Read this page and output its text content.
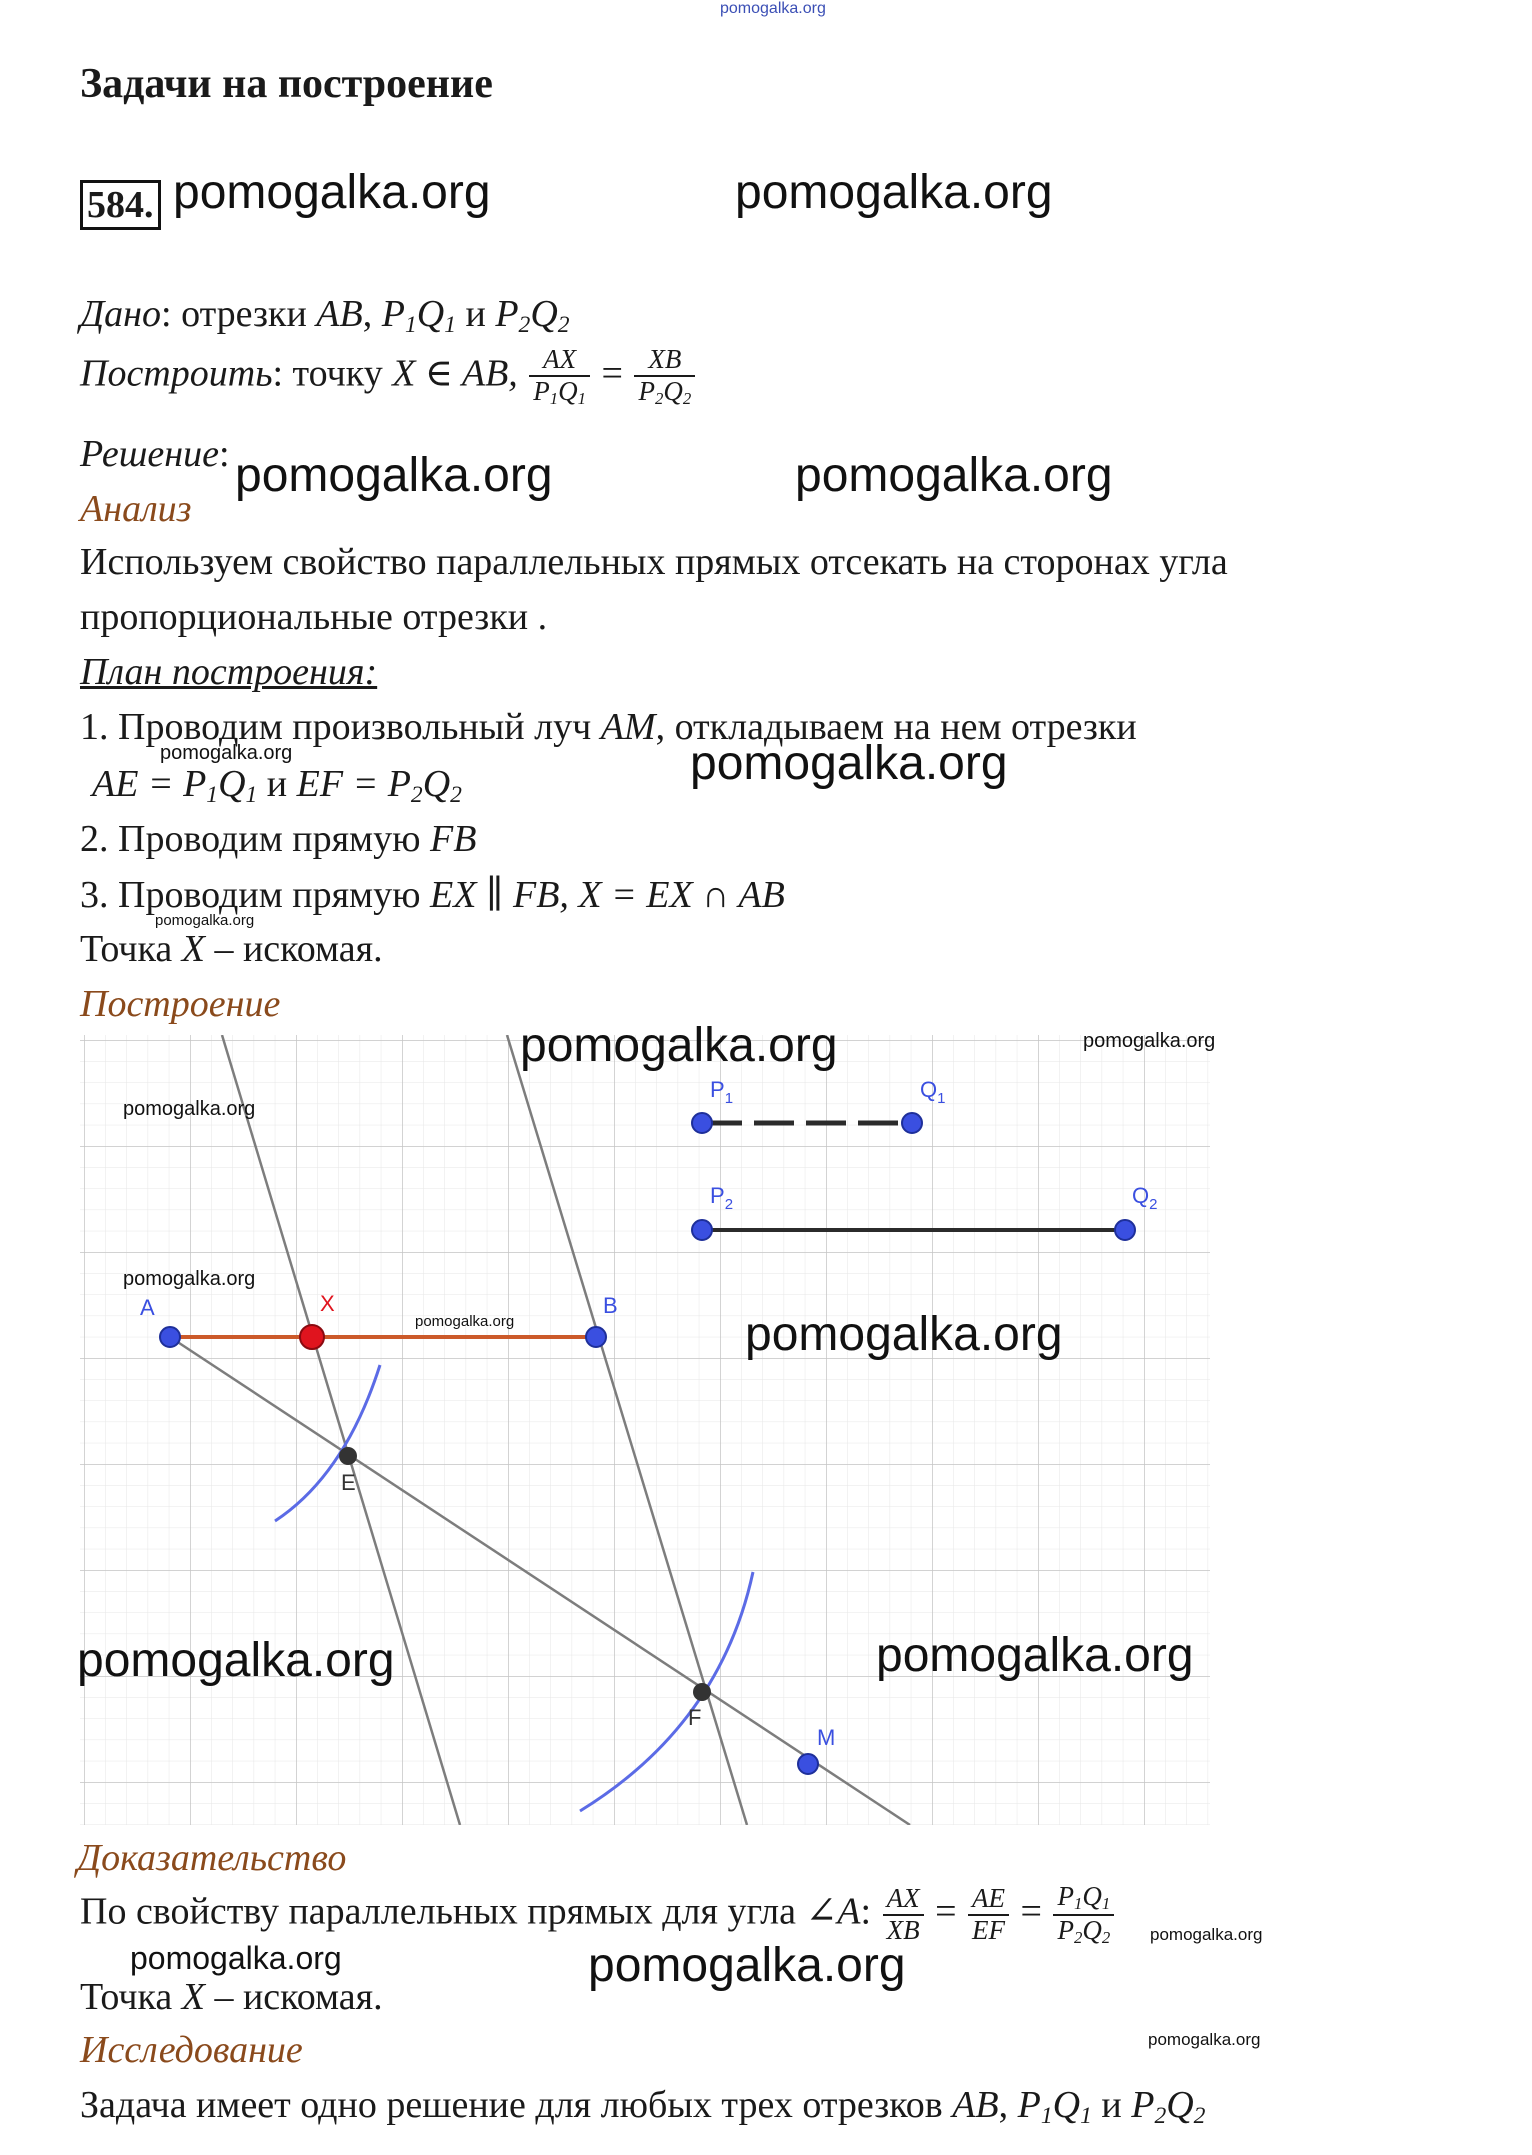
pomogalka.org
Задачи на построение
584. pomogalka.org	pomogalka.org
Дано: отрезки AB, $P_1Q_1$ и $P_2Q_2$
Построить: точку X ∈ AB, $\frac{AX}{P_1Q_1} = \frac{XB}{P_2Q_2}$
Решение: pomogalka.org	pomogalka.org
Анализ
Используем свойство параллельных прямых отсекать на сторонах угла
пропорциональные отрезки .
План построения:
1. Проводим произвольный луч AM, откладываем на нем отрезки
pomogalka.org
AE = $P_1Q_1$ и EF = $P_2Q_2$
pomogalka.org
2. Проводим прямую FB
3. Проводим прямую EX ∥ FB, X = EX ∩ AB
pomogalka.org
Точка X – искомая.
Построение
A	X	B
E
F
M
$P_1$	$Q_1$
$P_2$	$Q_2$
pomogalka.org	pomogalka.org
pomogalka.org
pomogalka.org
pomogalka.org	pomogalka.org
pomogalka.org	pomogalka.org
Доказательство
По свойству параллельных прямых для угла ∠A: $\frac{AX}{XB} = \frac{AE}{EF} = \frac{P_1Q_1}{P_2Q_2}$ pomogalka.org
pomogalka.org	pomogalka.org
Точка X – искомая.
Исследование	pomogalka.org
Задача имеет одно решение для любых трех отрезков AB, $P_1Q_1$ и $P_2Q_2$
